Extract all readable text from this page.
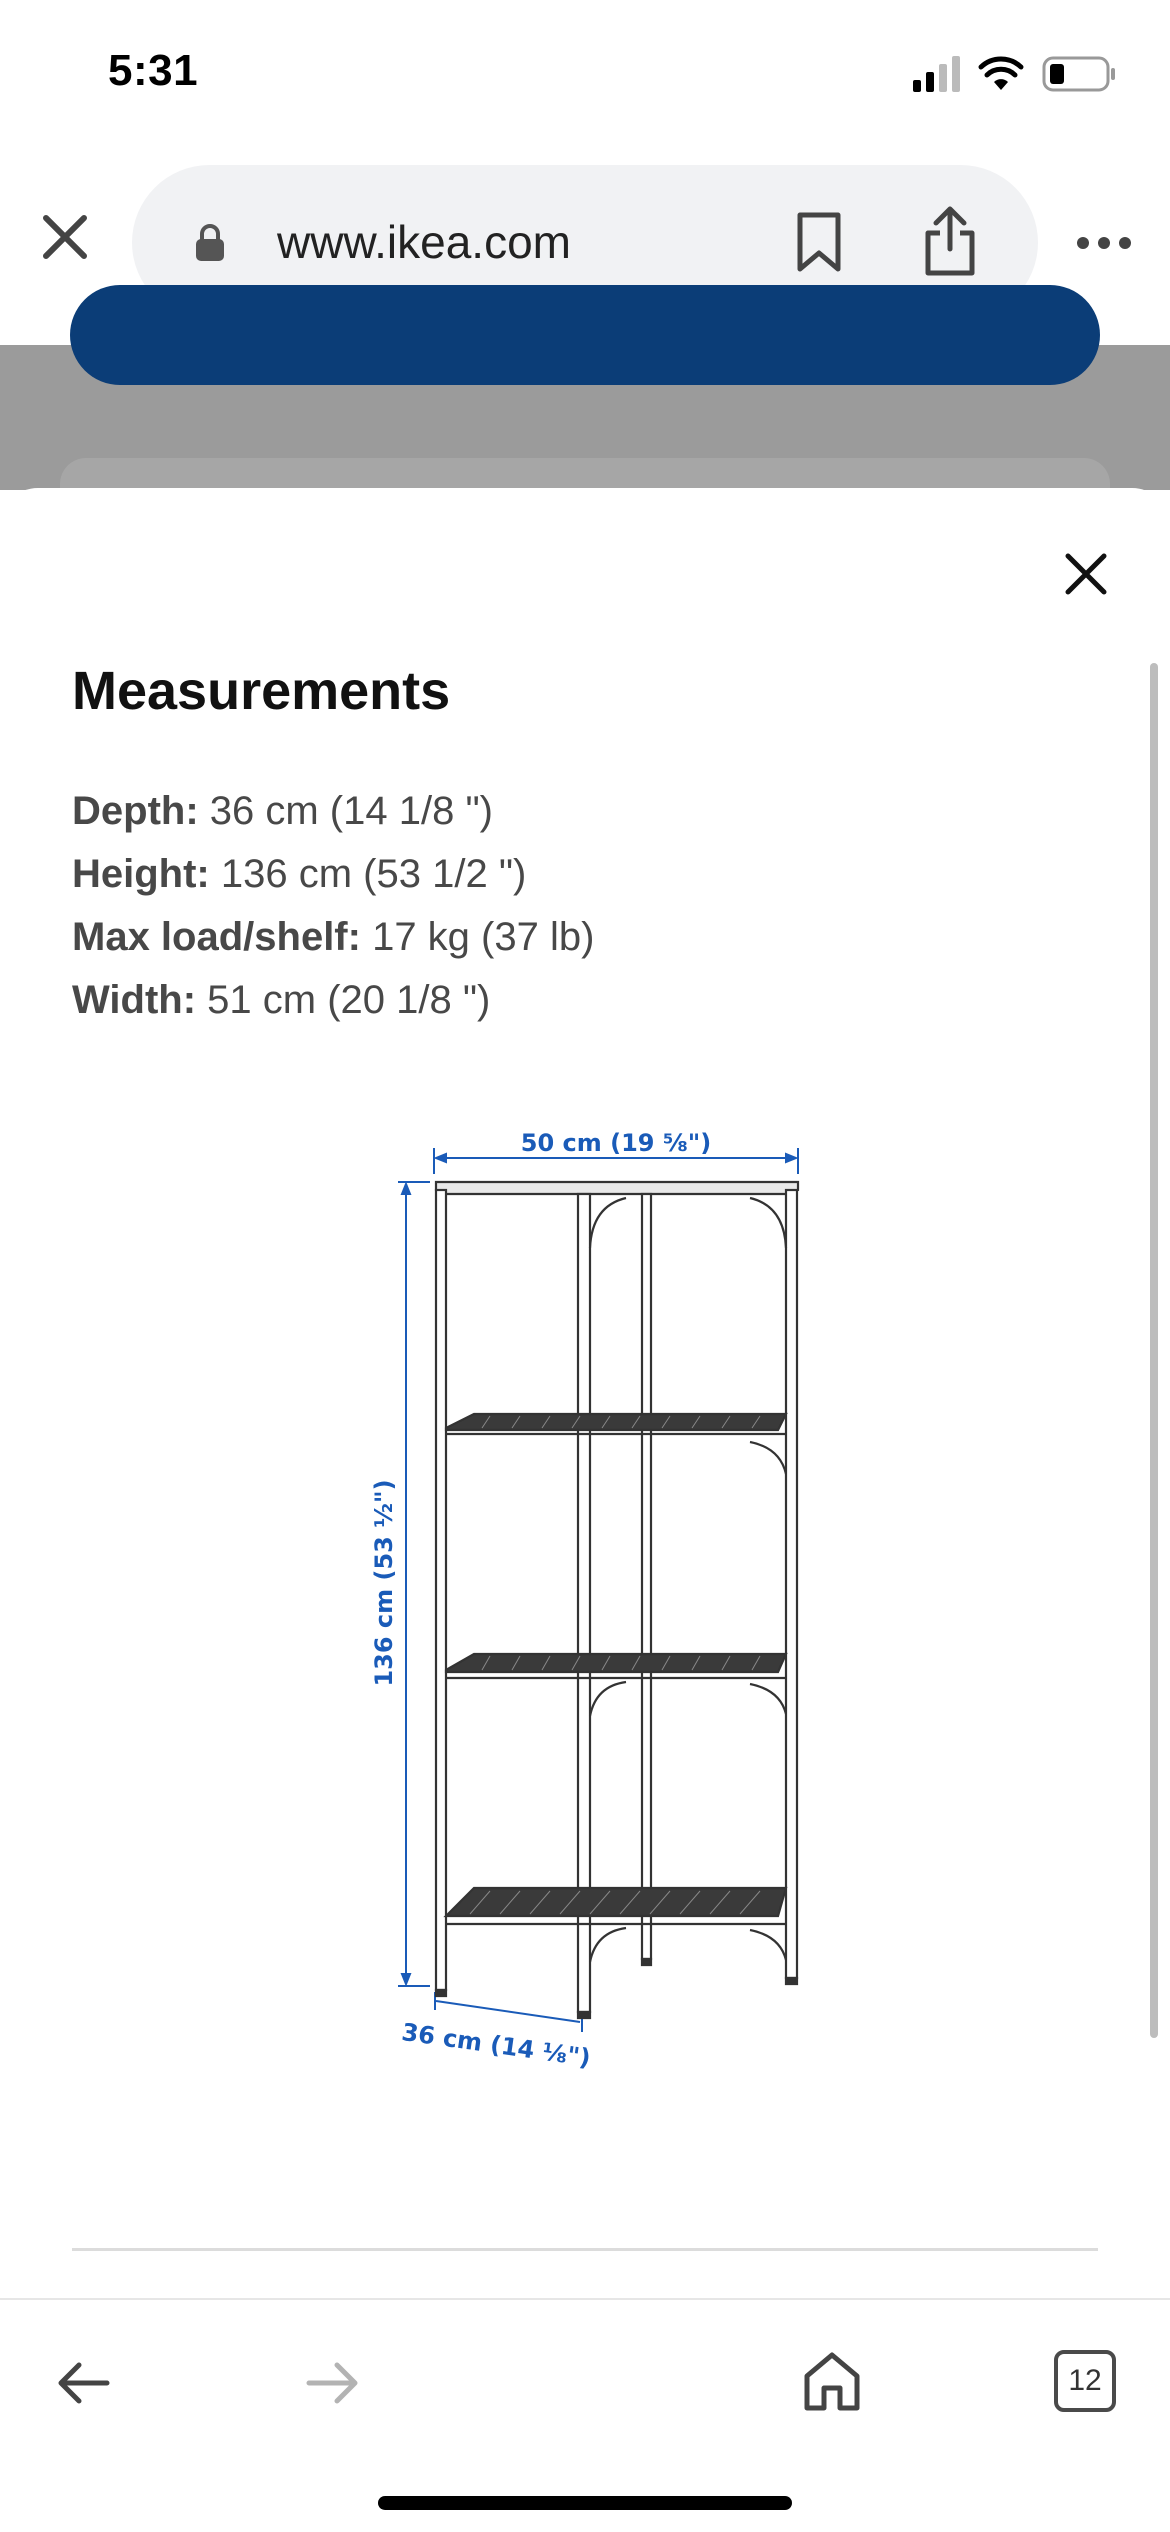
5:31
www.ikea.com
Measurements
Depth: 36 cm (14 1/8 ")
Height: 136 cm (53 1/2 ")
Max load/shelf: 17 kg (37 lb)
Width: 51 cm (20 1/8 ")
50 cm (19 ⅝")
136 cm (53 ½")
36 cm (14 ⅛")
12
